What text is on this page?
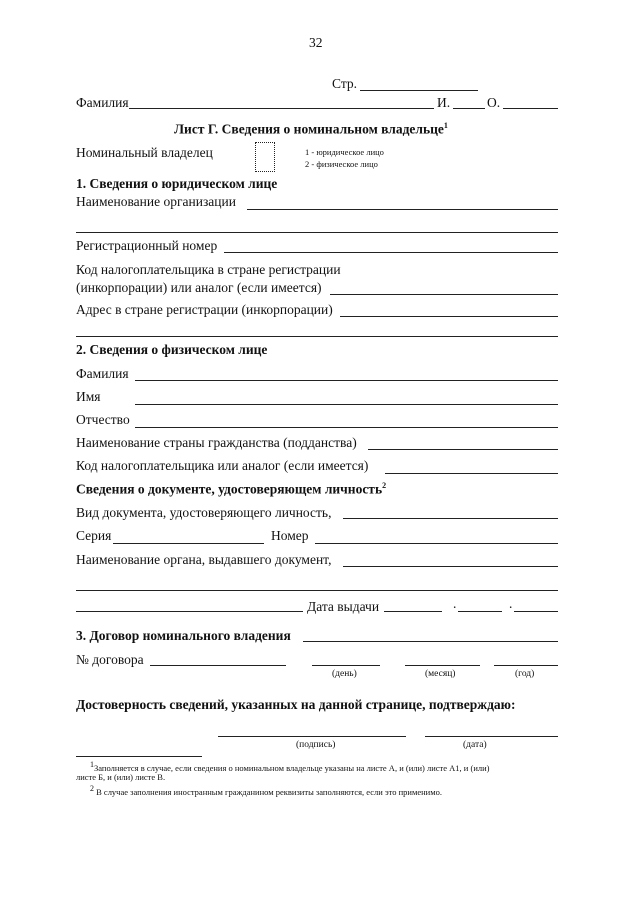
32
Стр.
Фамилия	И.	О.
Лист Г. Сведения о номинальном владельце$^1$
Номинальный владелец	1 - юридическое лицо
2 - физическое лицо
1. Сведения о юридическом лице
Наименование организации
Регистрационный номер
Код налогоплательщика в стране регистрации
(инкорпорации) или аналог (если имеется)
Адрес в стране регистрации (инкорпорации)
2. Сведения о физическом лице
Фамилия
Имя
Отчество
Наименование страны гражданства (подданства)
Код налогоплательщика или аналог (если имеется)
Сведения о документе, удостоверяющем личность$^2$
Вид документа, удостоверяющего личность,
Серия	Номер
Наименование органа, выдавшего документ,
Дата выдачи	.	.
3. Договор номинального владения
№ договора
(день)	(месяц)	(год)
Достоверность сведений, указанных на данной странице, подтверждаю:
(подпись)	(дата)
$^1$Заполняется в случае, если сведения о номинальном владельце указаны на листе А, и (или) листе А1, и (или)
листе Б, и (или) листе В.
$^2$ В случае заполнения иностранным гражданином реквизиты заполняются, если это применимо.
